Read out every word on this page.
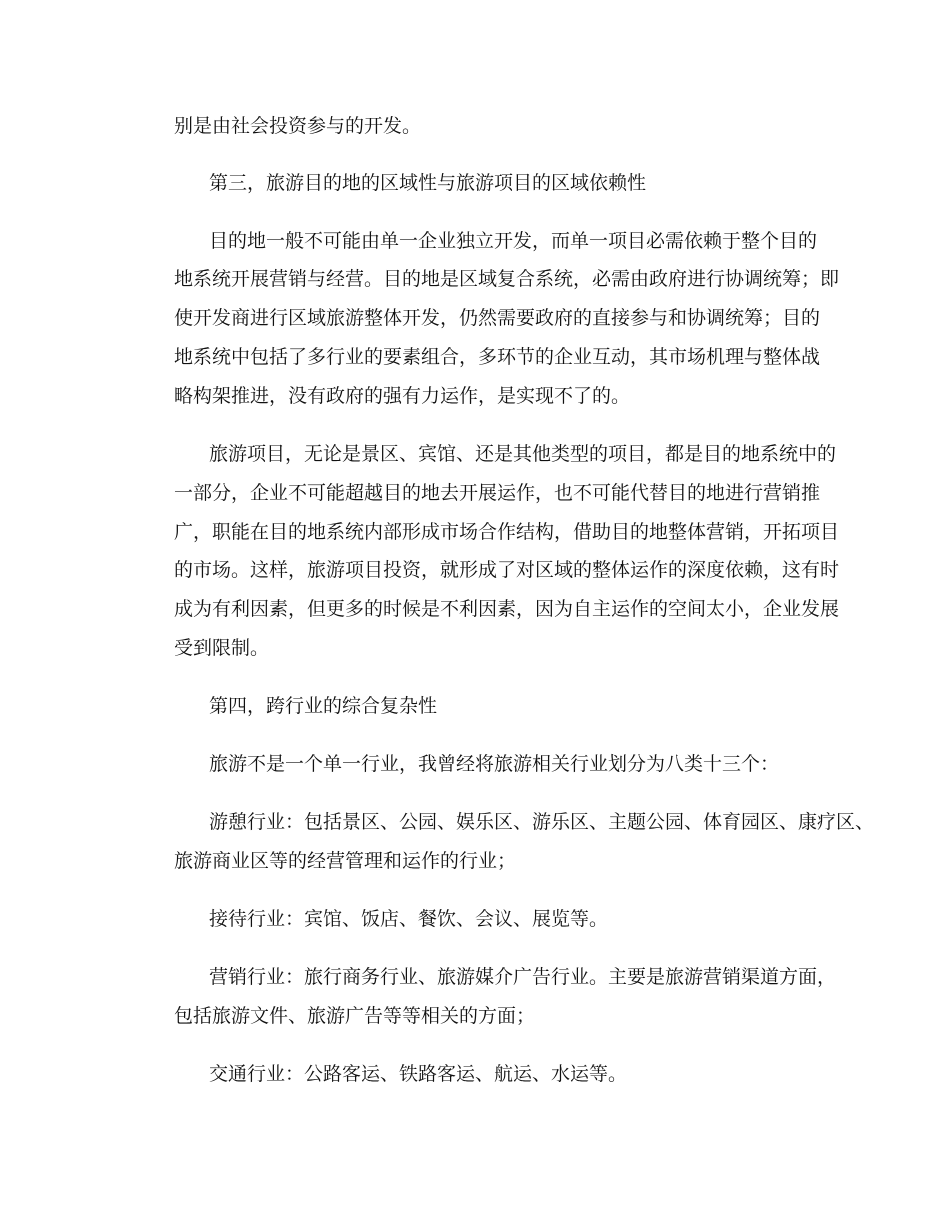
别是由社会投资参与的开发。

第三，旅游目的地的区域性与旅游项目的区域依赖性

目的地一般不可能由单一企业独立开发，而单一项目必需依赖于整个目的

地系统开展营销与经营。目的地是区域复合系统，必需由政府进行协调统筹；即

使开发商进行区域旅游整体开发，仍然需要政府的直接参与和协调统筹；目的

地系统中包括了多行业的要素组合，多环节的企业互动，其市场机理与整体战

略构架推进，没有政府的强有力运作，是实现不了的。

旅游项目，无论是景区、宾馆、还是其他类型的项目，都是目的地系统中的

一部分，企业不可能超越目的地去开展运作，也不可能代替目的地进行营销推

广，职能在目的地系统内部形成市场合作结构，借助目的地整体营销，开拓项目

的市场。这样，旅游项目投资，就形成了对区域的整体运作的深度依赖，这有时

成为有利因素，但更多的时候是不利因素，因为自主运作的空间太小，企业发展

受到限制。

第四，跨行业的综合复杂性

旅游不是一个单一行业，我曾经将旅游相关行业划分为八类十三个：

游憩行业：包括景区、公园、娱乐区、游乐区、主题公园、体育园区、康疗区、

旅游商业区等的经营管理和运作的行业；

接待行业：宾馆、饭店、餐饮、会议、展览等。

营销行业：旅行商务行业、旅游媒介广告行业。主要是旅游营销渠道方面，

包括旅游文件、旅游广告等等相关的方面；

交通行业：公路客运、铁路客运、航运、水运等。
